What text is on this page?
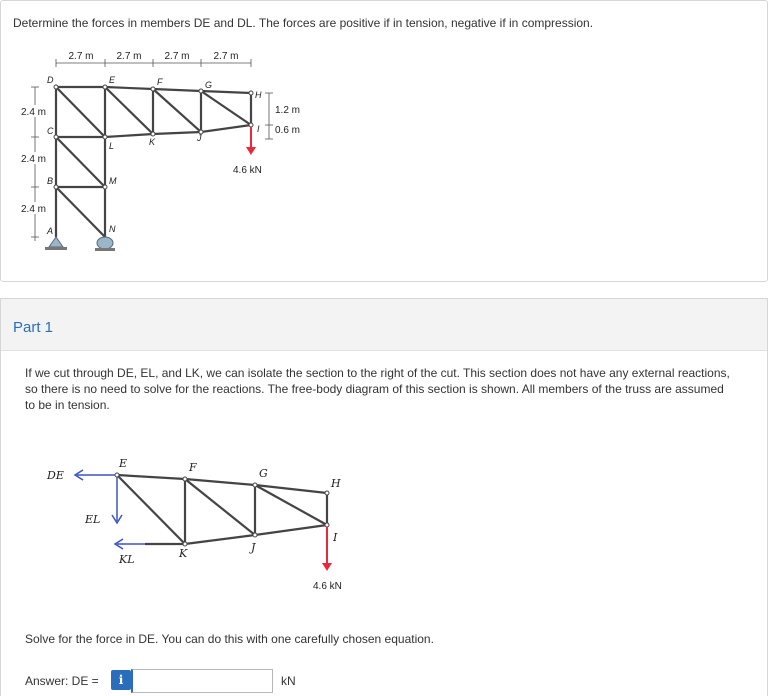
Determine the forces in members DE and DL. The forces are positive if in tension, negative if in compression.

2.7 m 2.7 m 2.7 m 2.7 m
2.4 m
2.4 m
2.4 m
A
B
C
D	E	F	G
H
I
J
K
L
M
N
1.2 m
0.6 m
4.6 kN
Part 1

If we cut through DE, EL, and LK, we can isolate the section to the right of the cut. This section does not have any external reactions, so there is no need to solve for the reactions. The free-body diagram of this section is shown. All members of the truss are assumed to be in tension.

DE
EL
KL
E	F	G
H
I
J
K
4.6 kN

Solve for the force in DE. You can do this with one carefully chosen equation.

Answer: DE =	i	kN
